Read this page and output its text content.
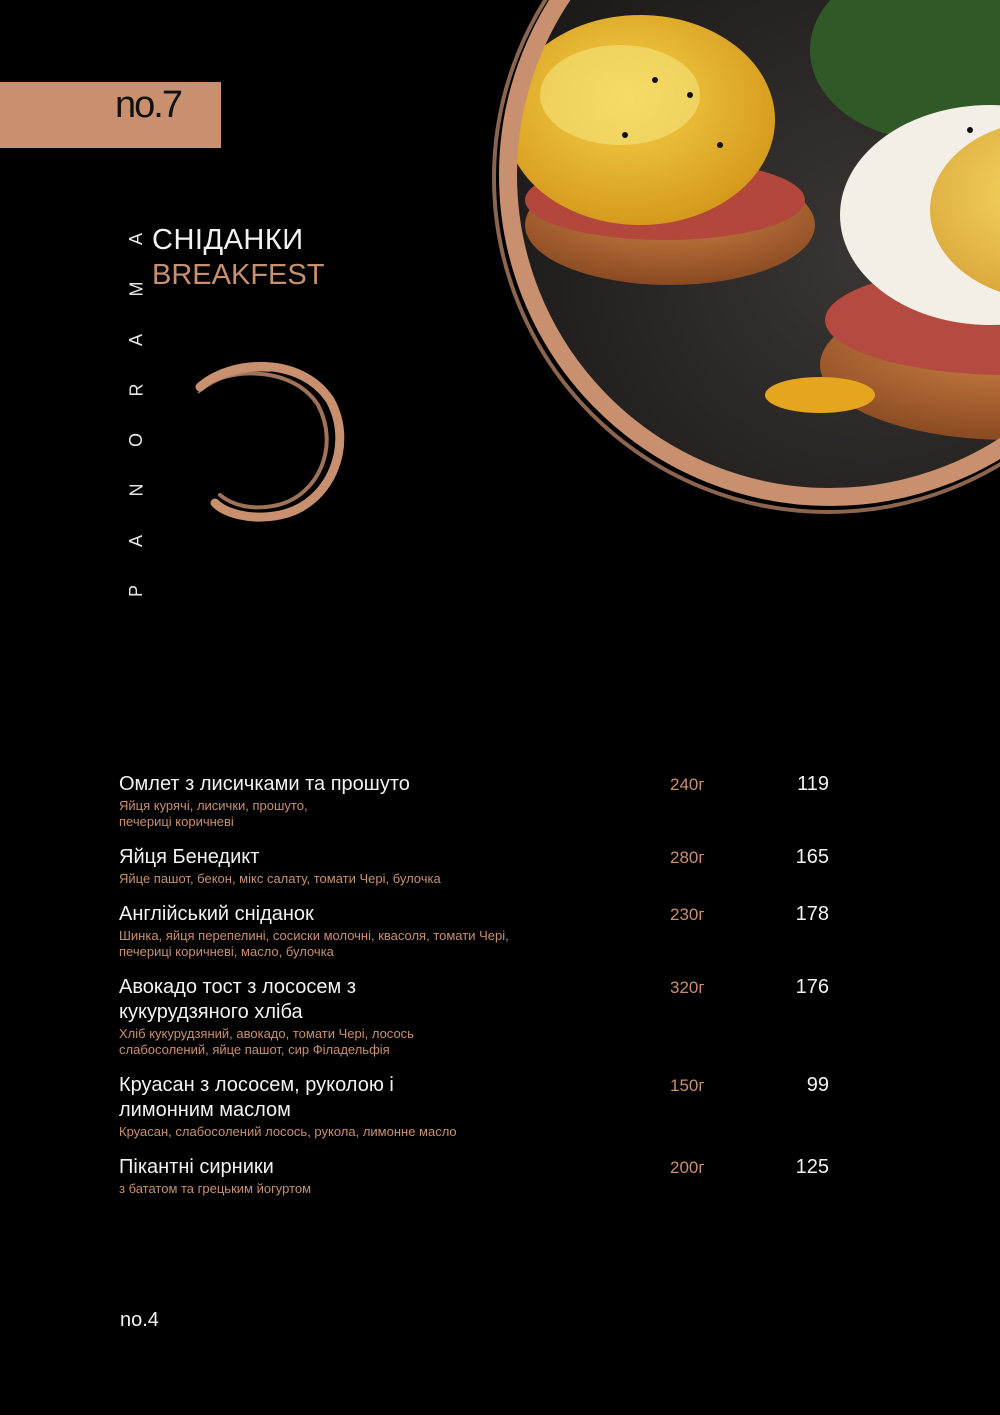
no.7
P
A
N
O
R
A
M
A СНІДАНКИ
BREAKFEST
Омлет з лисичками та прошуто
Яйця курячі, лисички, прошуто, печериці коричневі
240г	119
Яйця Бенедикт
Яйце пашот, бекон, мікс салату, томати Чері, булочка
280г	165
Англійський сніданок
Шинка, яйця перепелині, сосиски молочні, квасоля, томати Чері, печериці коричневі, масло, булочка
230г	178
Авокадо тост з лососем з кукурудзяного хліба
Хліб кукурудзяний, авокадо, томати Чері, лосось слабосолений, яйце пашот, сир Філадельфія
320г	176
Круасан з лососем, руколою і лимонним маслом
Круасан, слабосолений лосось, рукола, лимонне масло
150г	99
Пікантні сирники
з бататом та грецьким йогуртом
200г	125
no.4
